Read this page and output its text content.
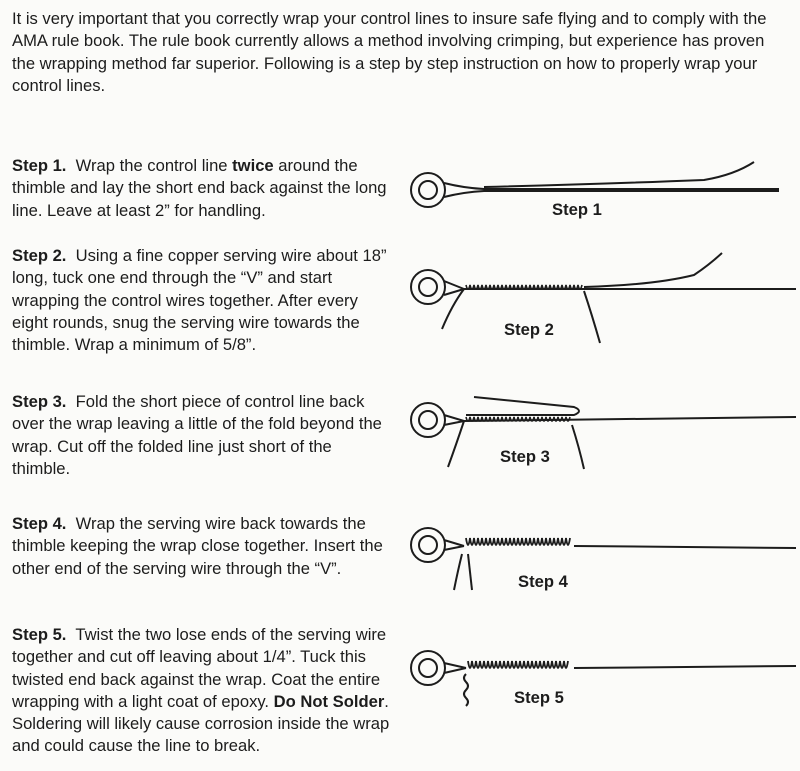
It is very important that you correctly wrap your control lines to insure safe flying and to comply with the AMA rule book. The rule book currently allows a method involving crimping, but experience has proven the wrapping method far superior. Following is a step by step instruction on how to properly wrap your control lines.
Step 1. Wrap the control line twice around the thimble and lay the short end back against the long line. Leave at least 2” for handling.
Step 2. Using a fine copper serving wire about 18” long, tuck one end through the “V” and start wrapping the control wires together. After every eight rounds, snug the serving wire towards the thimble. Wrap a minimum of 5/8”.
Step 3. Fold the short piece of control line back over the wrap leaving a little of the fold beyond the wrap. Cut off the folded line just short of the thimble.
Step 4. Wrap the serving wire back towards the thimble keeping the wrap close together. Insert the other end of the serving wire through the “V”.
Step 5. Twist the two lose ends of the serving wire together and cut off leaving about 1/4”. Tuck this twisted end back against the wrap. Coat the entire wrapping with a light coat of epoxy. Do Not Solder. Soldering will likely cause corrosion inside the wrap and could cause the line to break.
Step 1
Step 2
Step 3
Step 4
Step 5
